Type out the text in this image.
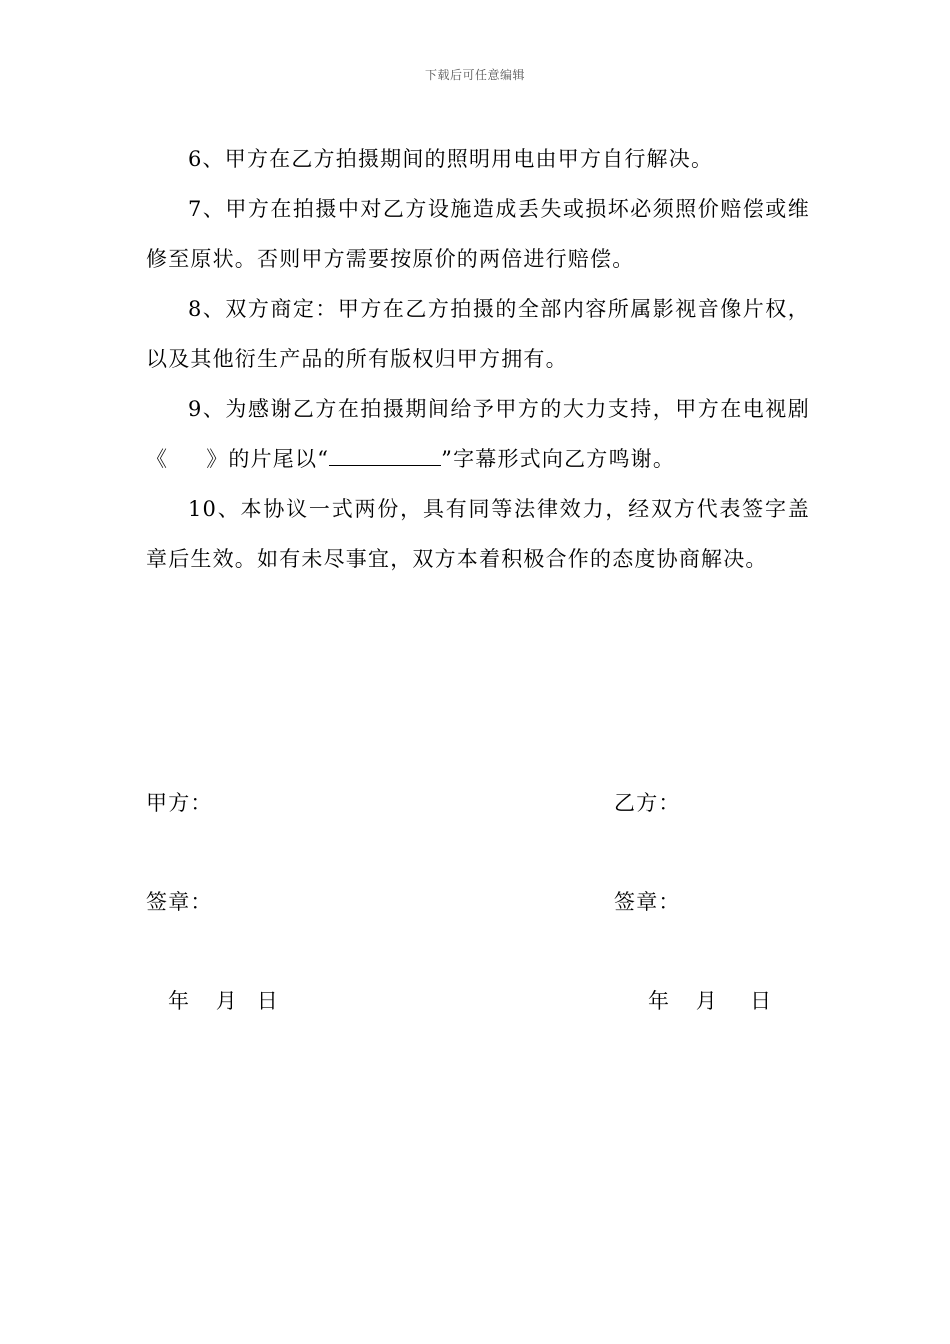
下载后可任意编辑

6、甲方在乙方拍摄期间的照明用电由甲方自行解决。

7、甲方在拍摄中对乙方设施造成丢失或损坏必须照价赔偿或维修至原状。否则甲方需要按原价的两倍进行赔偿。

8、双方商定：甲方在乙方拍摄的全部内容所属影视音像片权，以及其他衍生产品的所有版权归甲方拥有。

9、为感谢乙方在拍摄期间给予甲方的大力支持，甲方在电视剧《 》的片尾以“	”字幕形式向乙方鸣谢。

10、本协议一式两份，具有同等法律效力，经双方代表签字盖章后生效。如有未尽事宜，双方本着积极合作的态度协商解决。

甲方：	乙方：
签章：	签章：
年    月   日	年    月     日
